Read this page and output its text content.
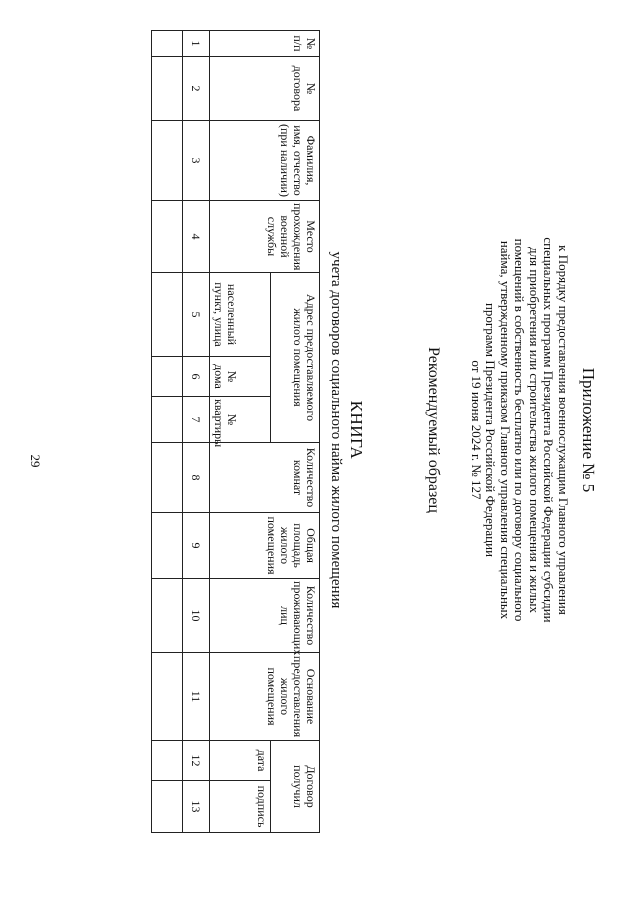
29	Приложение № 5
к Порядку предоставления военнослужащим Главного управления
специальных программ Президента Российской Федерации субсидии
для приобретения или строительства жилого помещения и жилых
помещений в собственность бесплатно или по договору социального
найма, утвержденному приказом Главного управления специальных
программ Президента Российской Федерации
от 19 июня 2024 г. № 127
Рекомендуемый образец
КНИГА
учета договоров социального найма жилого помещения
№ п/п	№ договора	Фамилия, имя, отчество (при наличии)	Место прохождения военной службы	Адрес предоставляемого жилого помещения			Количество комнат	Общая площадь жилого помещения	Количество проживающих лиц	Основание предоставления жилого помещения	Договор получил	
											дата	подпись
				населенный пункт, улица	№ дома	№ квартиры						
1	2	3	4	5	6	7	8	9	10	11	12	13
